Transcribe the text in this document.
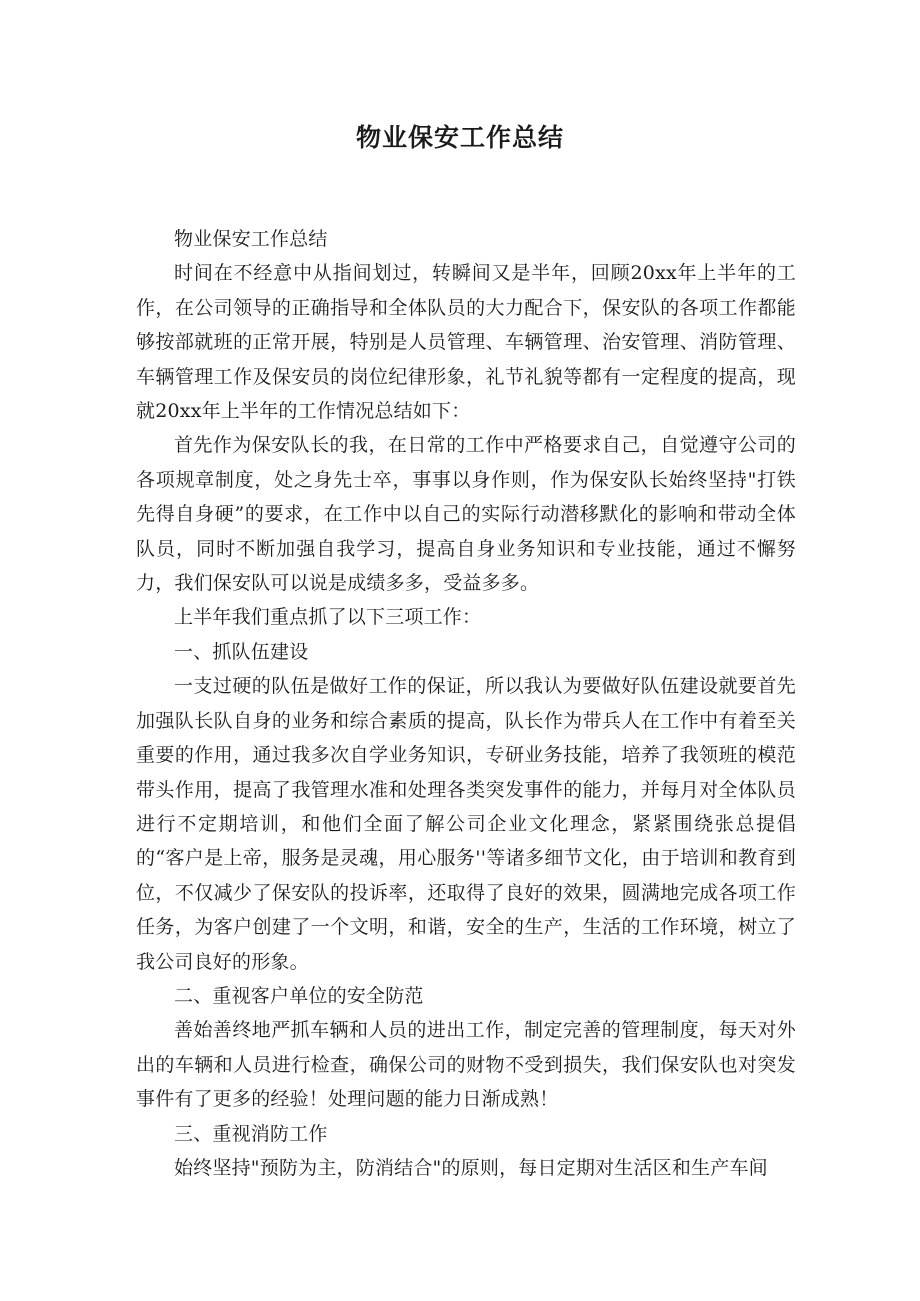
物业保安工作总结

物业保安工作总结

时间在不经意中从指间划过，转瞬间又是半年，回顾20xx年上半年的工作，在公司领导的正确指导和全体队员的大力配合下，保安队的各项工作都能够按部就班的正常开展，特别是人员管理、车辆管理、治安管理、消防管理、车辆管理工作及保安员的岗位纪律形象，礼节礼貌等都有一定程度的提高，现就20xx年上半年的工作情况总结如下：

首先作为保安队长的我，在日常的工作中严格要求自己，自觉遵守公司的各项规章制度，处之身先士卒，事事以身作则，作为保安队长始终坚持"打铁先得自身硬”的要求，在工作中以自己的实际行动潜移默化的影响和带动全体队员，同时不断加强自我学习，提高自身业务知识和专业技能，通过不懈努力，我们保安队可以说是成绩多多，受益多多。

上半年我们重点抓了以下三项工作：

一、抓队伍建设

一支过硬的队伍是做好工作的保证，所以我认为要做好队伍建设就要首先加强队长队自身的业务和综合素质的提高，队长作为带兵人在工作中有着至关重要的作用，通过我多次自学业务知识，专研业务技能，培养了我领班的模范带头作用，提高了我管理水准和处理各类突发事件的能力，并每月对全体队员进行不定期培训，和他们全面了解公司企业文化理念，紧紧围绕张总提倡的“客户是上帝，服务是灵魂，用心服务''等诸多细节文化，由于培训和教育到位，不仅减少了保安队的投诉率，还取得了良好的效果，圆满地完成各项工作任务，为客户创建了一个文明，和谐，安全的生产，生活的工作环境，树立了我公司良好的形象。

二、重视客户单位的安全防范

善始善终地严抓车辆和人员的进出工作，制定完善的管理制度，每天对外出的车辆和人员进行检查，确保公司的财物不受到损失，我们保安队也对突发事件有了更多的经验！处理问题的能力日渐成熟！

三、重视消防工作

始终坚持"预防为主，防消结合"的原则，每日定期对生活区和生产车间
